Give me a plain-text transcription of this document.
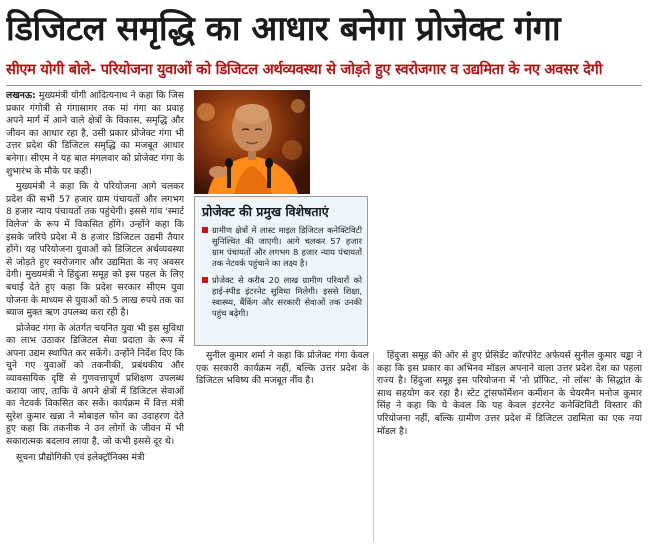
डिजिटल समृद्धि का आधार बनेगा प्रोजेक्ट गंगा
सीएम योगी बोले- परियोजना युवाओं को डिजिटल अर्थव्यवस्था से जोड़ते हुए स्वरोजगार व उद्यमिता के नए अवसर देगी

लखनऊ: मुख्यमंत्री योगी आदित्यनाथ ने कहा कि जिस प्रकार गंगोत्री से गंगासागर तक मां गंगा का प्रवाह अपने मार्ग में आने वाले क्षेत्रों के विकास, समृद्धि और जीवन का आधार रहा है, उसी प्रकार प्रोजेक्ट गंगा भी उत्तर प्रदेश की डिजिटल समृद्धि का मजबूत आधार बनेगा। सीएम ने यह बात मंगलवार को प्रोजेक्ट गंगा के शुभारंभ के मौके पर कही।

मुख्यमंत्री ने कहा कि ये परियोजना आगे चलकर प्रदेश की सभी 57 हजार ग्राम पंचायतों और लगभग 8 हजार न्याय पंचायतों तक पहुंचेगी। इससे गांव 'स्मार्ट विलेज' के रूप में विकसित होंगे। उन्होंने कहा कि इसके जरिये प्रदेश में 8 हजार डिजिटल उद्यमी तैयार होंगे। यह परियोजना युवाओं को डिजिटल अर्थव्यवस्था से जोड़ते हुए स्वरोजगार और उद्यमिता के नए अवसर देगी। मुख्यमंत्री ने हिंदुजा समूह को इस पहल के लिए बधाई देते हुए कहा कि प्रदेश सरकार सीएम युवा योजना के माध्यम से युवाओं को 5 लाख रुपये तक का ब्याज मुक्त ऋण उपलब्ध करा रही है।

प्रोजेक्ट गंगा के अंतर्गत चयनित युवा भी इस सुविधा का लाभ उठाकर डिजिटल सेवा प्रदाता के रूप में अपना उद्यम स्थापित कर सकेंगे। उन्होंने निर्देश दिए कि चुने गए युवाओं को तकनीकी, प्रबंधकीय और व्यावसायिक दृष्टि से गुणवत्तापूर्ण प्रशिक्षण उपलब्ध कराया जाए, ताकि वे अपने क्षेत्रों में डिजिटल सेवाओं का नेटवर्क विकसित कर सकें। कार्यक्रम में वित्त मंत्री सुरेश कुमार खन्ना ने मोबाइल फोन का उदाहरण देते हुए कहा कि तकनीक ने उन लोगों के जीवन में भी सकारात्मक बदलाव लाया है, जो कभी इससे दूर थे।

सूचना प्रौद्योगिकी एवं इलेक्ट्रॉनिक्स मंत्री

प्रोजेक्ट की प्रमुख विशेषताएं
ग्रामीण क्षेत्रों में लास्ट माइल डिजिटल कनेक्टिविटी सुनिश्चित की जाएगी। आगे चलकर 57 हजार ग्राम पंचायतों और लगभग 8 हजार न्याय पंचायतों तक नेटवर्क पहुंचाने का लक्ष्य है।
प्रोजेक्ट से करीब 20 लाख ग्रामीण परिवारों को हाई-स्पीड इंटरनेट सुविधा मिलेगी। इससे शिक्षा, स्वास्थ्य, बैंकिंग और सरकारी सेवाओं तक उनकी पहुंच बढ़ेगी।

सुनील कुमार शर्मा ने कहा कि प्रोजेक्ट गंगा केवल एक सरकारी कार्यक्रम नहीं, बल्कि उत्तर प्रदेश के डिजिटल भविष्य की मजबूत नींव है।

हिंदुजा समूह की ओर से हुए प्रेसिडेंट कॉरपोरेट अफेयर्स सुनील कुमार चड्ढा ने कहा कि इस प्रकार का अभिनव मॉडल अपनाने वाला उत्तर प्रदेश देश का पहला राज्य है। हिंदुजा समूह इस परियोजना में 'नो प्रॉफिट, नो लॉस' के सिद्धांत के साथ सहयोग कर रहा है। स्टेट ट्रांसफॉर्मेशन कमीशन के चेयरमैन मनोज कुमार सिंह ने कहा कि ये केवल कि यह केवल इंटरनेट कनेक्टिविटी विस्तार की परियोजना नहीं, बल्कि ग्रामीण उत्तर प्रदेश में डिजिटल उद्यमिता का एक नया मॉडल है।
